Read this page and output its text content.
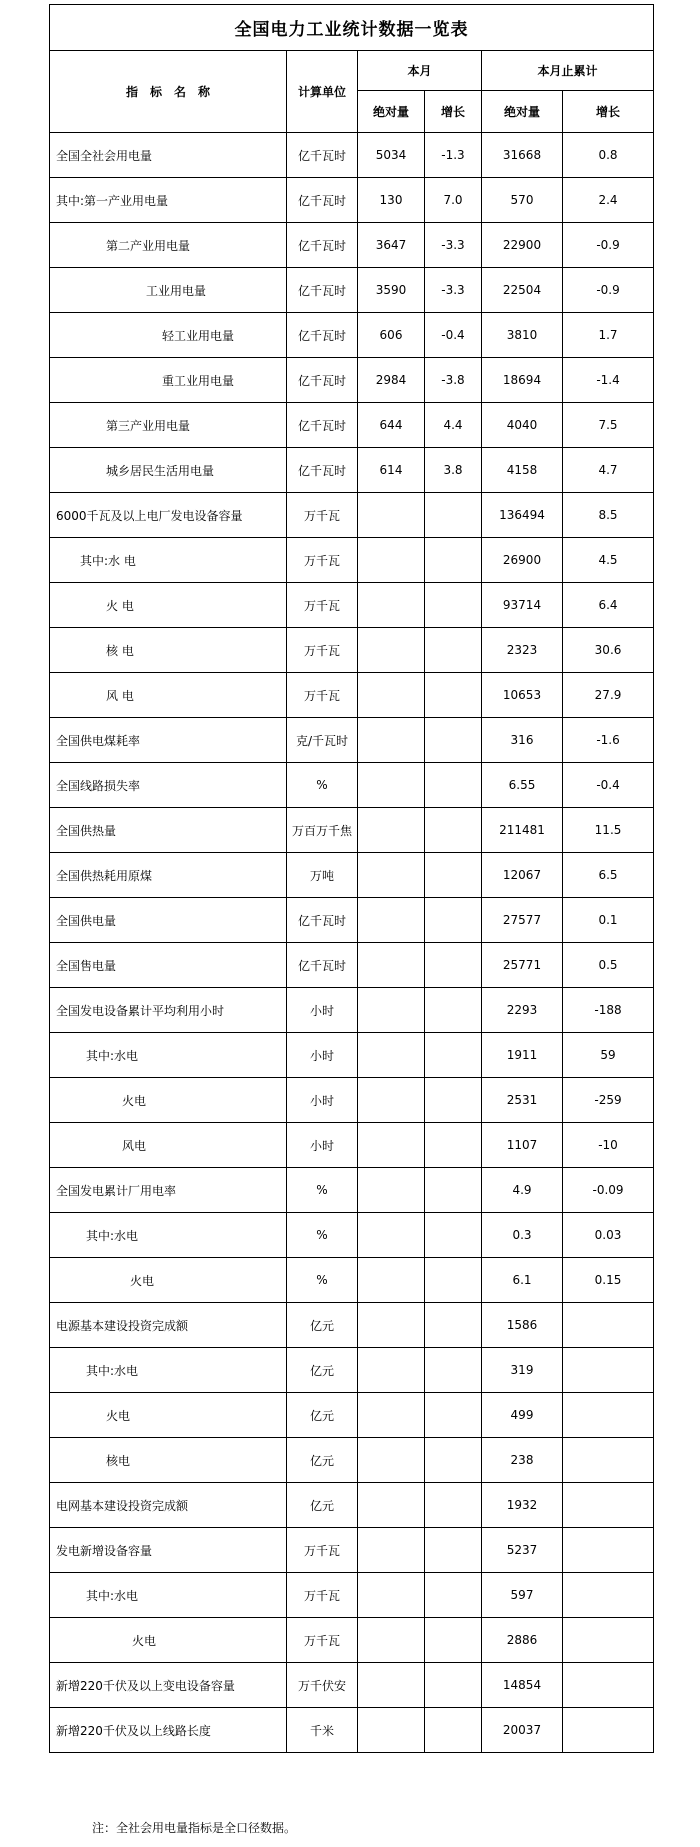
全国电力工业统计数据一览表					
指　标　名　称	计算单位	本月		本月止累计	
		绝对量	增长	绝对量	增长
全国全社会用电量	亿千瓦时	5034	-1.3	31668	0.8
其中:第一产业用电量	亿千瓦时	130	7.0	570	2.4
第二产业用电量	亿千瓦时	3647	-3.3	22900	-0.9
工业用电量	亿千瓦时	3590	-3.3	22504	-0.9
轻工业用电量	亿千瓦时	606	-0.4	3810	1.7
重工业用电量	亿千瓦时	2984	-3.8	18694	-1.4
第三产业用电量	亿千瓦时	644	4.4	4040	7.5
城乡居民生活用电量	亿千瓦时	614	3.8	4158	4.7
6000千瓦及以上电厂发电设备容量	万千瓦			136494	8.5
其中:水 电	万千瓦			26900	4.5
火 电	万千瓦			93714	6.4
核 电	万千瓦			2323	30.6
风 电	万千瓦			10653	27.9
全国供电煤耗率	克/千瓦时			316	-1.6
全国线路损失率	%			6.55	-0.4
全国供热量	万百万千焦			211481	11.5
全国供热耗用原煤	万吨			12067	6.5
全国供电量	亿千瓦时			27577	0.1
全国售电量	亿千瓦时			25771	0.5
全国发电设备累计平均利用小时	小时			2293	-188
其中:水电	小时			1911	59
火电	小时			2531	-259
风电	小时			1107	-10
全国发电累计厂用电率	%			4.9	-0.09
其中:水电	%			0.3	0.03
火电	%			6.1	0.15
电源基本建设投资完成额	亿元			1586	
其中:水电	亿元			319	
火电	亿元			499	
核电	亿元			238	
电网基本建设投资完成额	亿元			1932	
发电新增设备容量	万千瓦			5237	
其中:水电	万千瓦			597	
火电	万千瓦			2886	
新增220千伏及以上变电设备容量	万千伏安			14854	
新增220千伏及以上线路长度	千米			20037	
注：全社会用电量指标是全口径数据。
